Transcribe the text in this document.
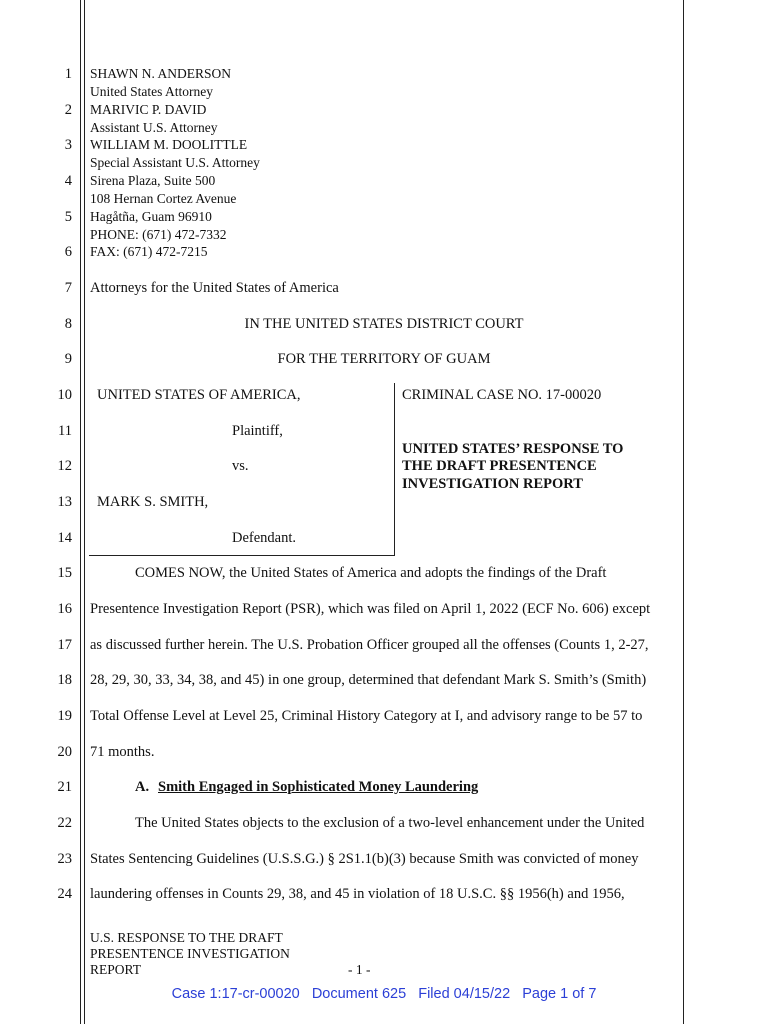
1
2
3
4
5
6
7
8
9
10
11
12
13
14
15
16
17
18
19
20
21
22
23
24
SHAWN N. ANDERSON
United States Attorney
MARIVIC P. DAVID
Assistant U.S. Attorney
WILLIAM M. DOOLITTLE
Special Assistant U.S. Attorney
Sirena Plaza, Suite 500
108 Hernan Cortez Avenue
Hagåtña, Guam 96910
PHONE: (671) 472-7332
FAX: (671) 472-7215
Attorneys for the United States of America
IN THE UNITED STATES DISTRICT COURT
FOR THE TERRITORY OF GUAM
UNITED STATES OF AMERICA,
Plaintiff,
vs.
MARK S. SMITH,
Defendant.
CRIMINAL CASE NO. 17-00020
UNITED STATES’ RESPONSE TO
THE DRAFT PRESENTENCE
INVESTIGATION REPORT
COMES NOW, the United States of America and adopts the findings of the Draft
Presentence Investigation Report (PSR), which was filed on April 1, 2022 (ECF No. 606) except
as discussed further herein. The U.S. Probation Officer grouped all the offenses (Counts 1, 2-27,
28, 29, 30, 33, 34, 38, and 45) in one group, determined that defendant Mark S. Smith’s (Smith)
Total Offense Level at Level 25, Criminal History Category at I, and advisory range to be 57 to
71 months.
A. Smith Engaged in Sophisticated Money Laundering
The United States objects to the exclusion of a two-level enhancement under the United
States Sentencing Guidelines (U.S.S.G.) § 2S1.1(b)(3) because Smith was convicted of money
laundering offenses in Counts 29, 38, and 45 in violation of 18 U.S.C. §§ 1956(h) and 1956,
U.S. RESPONSE TO THE DRAFT
PRESENTENCE INVESTIGATION
REPORT	- 1 -
Case 1:17-cr-00020   Document 625   Filed 04/15/22   Page 1 of 7
